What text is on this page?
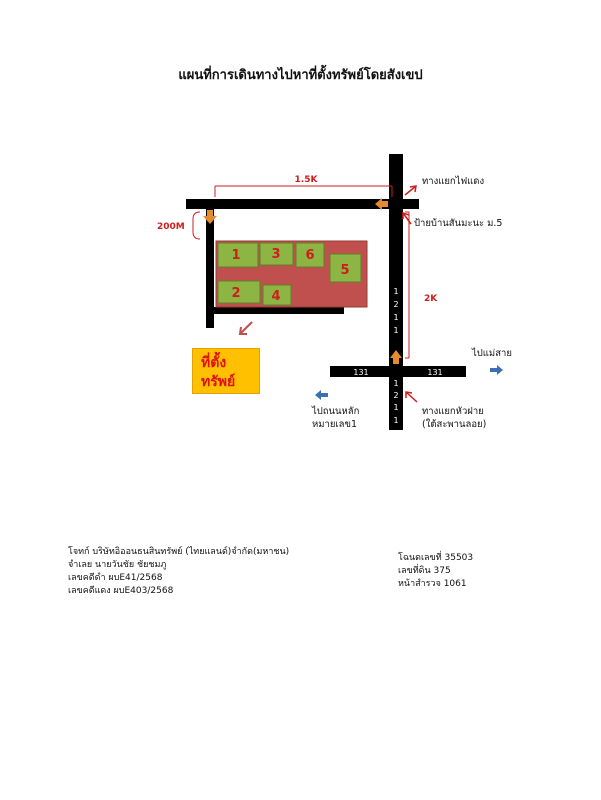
แผนที่การเดินทางไปหาที่ตั้งทรัพย์โดยสังเขป
1 3 6
5
2 4
1.5K
200M
2K
1
2
1
1
1
2
1
1
131	131
ทางแยกไฟแดง
ป้ายบ้านสันมะนะ ม.5
ไปแม่สาย
ไปถนนหลัก
หมายเลข1
ทางแยกหัวฝาย
(ใต้สะพานลอย)
ที่ตั้ง
ทรัพย์
โจทก์ บริษัทอิออนธนสินทรัพย์ (ไทยแลนด์)จำกัด(มหาชน)
จำเลย นายวันชัย ชัยชมภู
เลขคดีดำ ผบE41/2568
เลขคดีแดง ผบE403/2568
โฉนดเลขที่ 35503
เลขที่ดิน 375
หน้าสำรวจ 1061
